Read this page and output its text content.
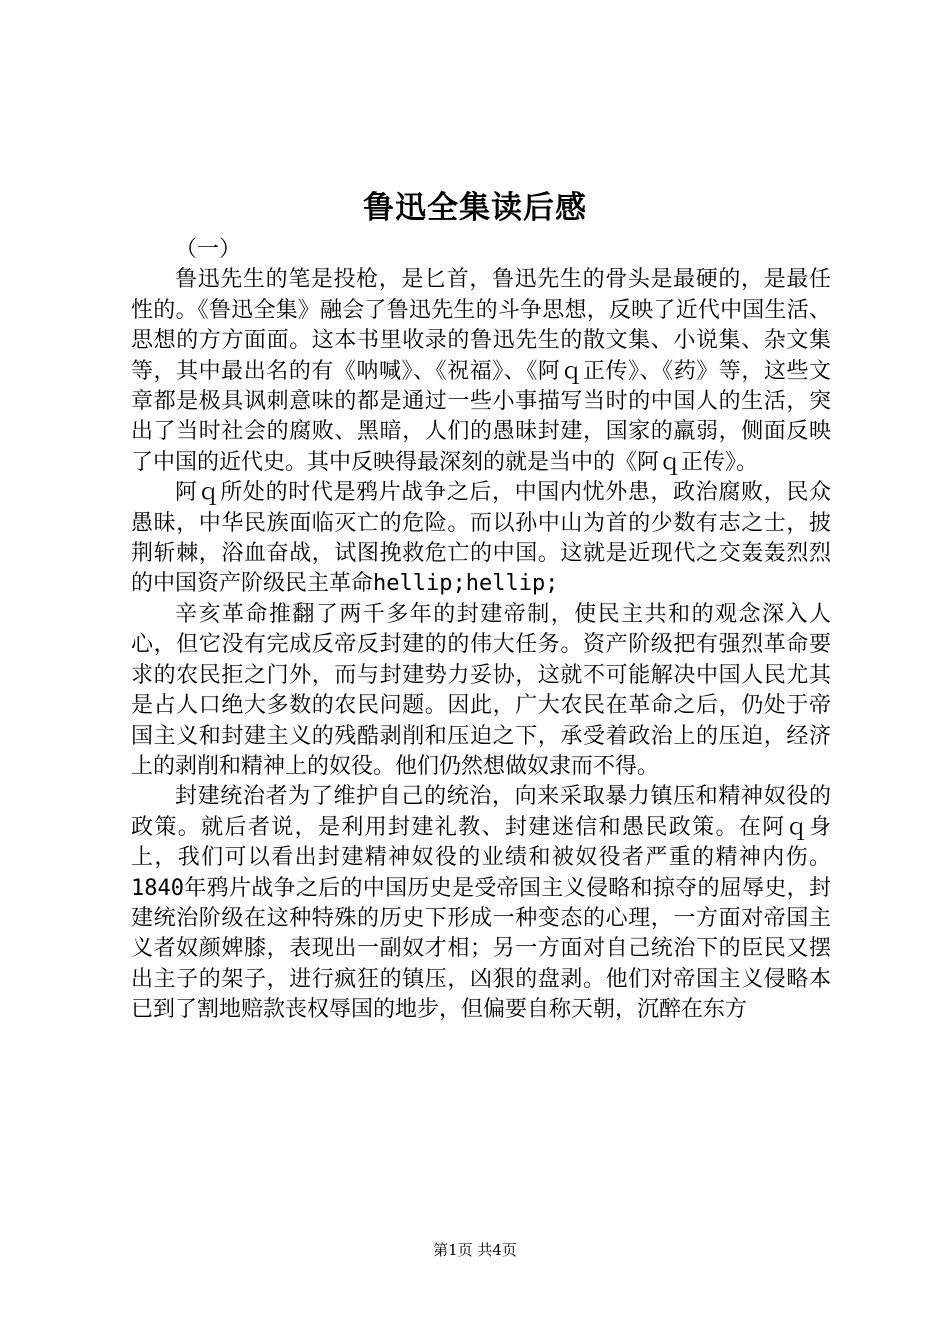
鲁迅全集读后感
（一）

鲁迅先生的笔是投枪，是匕首，鲁迅先生的骨头是最硬的，是最任性的。《鲁迅全集》融会了鲁迅先生的斗争思想，反映了近代中国生活、思想的方方面面。这本书里收录的鲁迅先生的散文集、小说集、杂文集等，其中最出名的有《呐喊》、《祝福》、《阿ｑ正传》、《药》等，这些文章都是极具讽刺意味的都是通过一些小事描写当时的中国人的生活，突出了当时社会的腐败、黑暗，人们的愚昧封建，国家的羸弱，侧面反映了中国的近代史。其中反映得最深刻的就是当中的《阿ｑ正传》。

阿ｑ所处的时代是鸦片战争之后，中国内忧外患，政治腐败，民众愚昧，中华民族面临灭亡的危险。而以孙中山为首的少数有志之士，披荆斩棘，浴血奋战，试图挽救危亡的中国。这就是近现代之交轰轰烈烈的中国资产阶级民主革命hellip;hellip;

辛亥革命推翻了两千多年的封建帝制，使民主共和的观念深入人心，但它没有完成反帝反封建的的伟大任务。资产阶级把有强烈革命要求的农民拒之门外，而与封建势力妥协，这就不可能解决中国人民尤其是占人口绝大多数的农民问题。因此，广大农民在革命之后，仍处于帝国主义和封建主义的残酷剥削和压迫之下，承受着政治上的压迫，经济上的剥削和精神上的奴役。他们仍然想做奴隶而不得。

封建统治者为了维护自己的统治，向来采取暴力镇压和精神奴役的政策。就后者说，是利用封建礼教、封建迷信和愚民政策。在阿ｑ身上，我们可以看出封建精神奴役的业绩和被奴役者严重的精神内伤。1840年鸦片战争之后的中国历史是受帝国主义侵略和掠夺的屈辱史，封建统治阶级在这种特殊的历史下形成一种变态的心理，一方面对帝国主义者奴颜婢膝，表现出一副奴才相；另一方面对自己统治下的臣民又摆出主子的架子，进行疯狂的镇压，凶狠的盘剥。他们对帝国主义侵略本已到了割地赔款丧权辱国的地步，但偏要自称天朝，沉醉在东方

第1页 共4页
